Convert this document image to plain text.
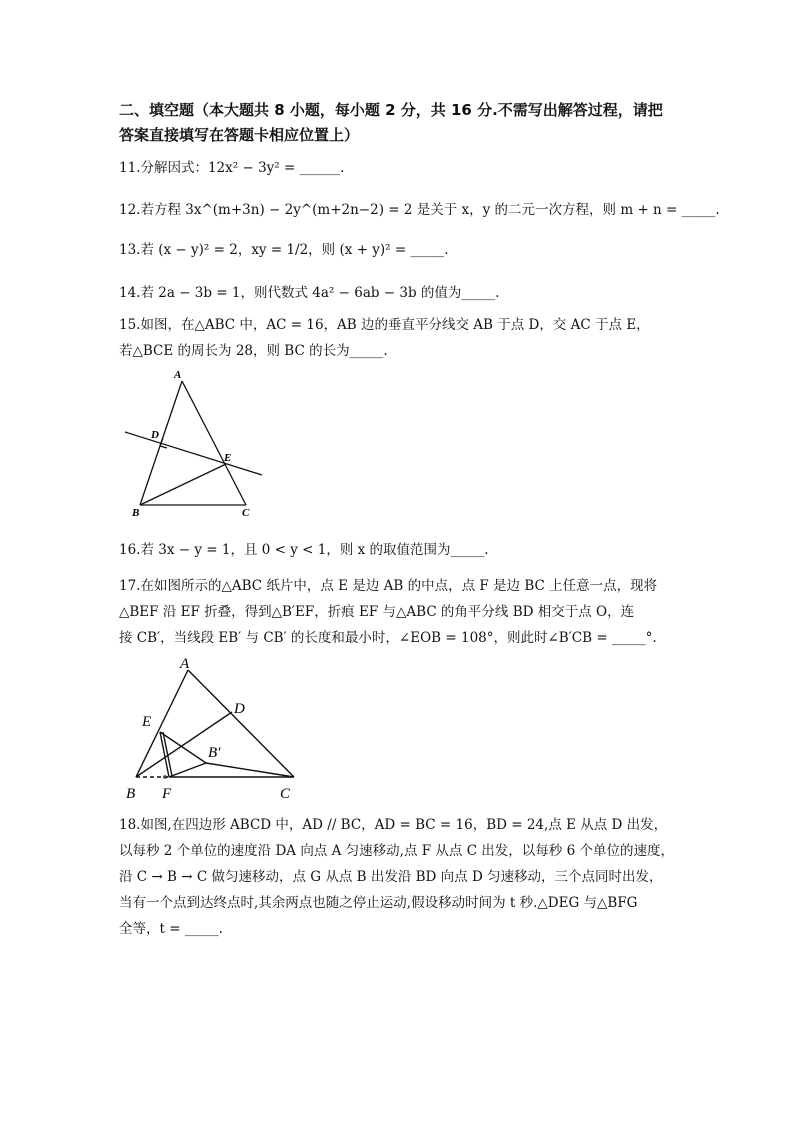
二、填空题（本大题共 8 小题，每小题 2 分，共 16 分.不需写出解答过程，请把
答案直接填写在答题卡相应位置上）
11.分解因式：12x² − 3y² = ______.
12.若方程 3x^(m+3n) − 2y^(m+2n−2) = 2 是关于 x，y 的二元一次方程，则 m + n = _____.
13.若 (x − y)² = 2，xy = 1/2，则 (x + y)² = _____.
14.若 2a − 3b = 1，则代数式 4a² − 6ab − 3b 的值为_____.
15.如图，在△ABC 中，AC = 16，AB 边的垂直平分线交 AB 于点 D，交 AC 于点 E，
若△BCE 的周长为 28，则 BC 的长为_____.
A
D
E
B	C
16.若 3x − y = 1，且 0 < y < 1，则 x 的取值范围为_____.
17.在如图所示的△ABC 纸片中，点 E 是边 AB 的中点，点 F 是边 BC 上任意一点，现将
△BEF 沿 EF 折叠，得到△B′EF，折痕 EF 与△ABC 的角平分线 BD 相交于点 O，连
接 CB′，当线段 EB′ 与 CB′ 的长度和最小时，∠EOB = 108°，则此时∠B′CB = _____°.
A
D
E
B′
o
B F	C
18.如图,在四边形 ABCD 中，AD // BC，AD = BC = 16，BD = 24,点 E 从点 D 出发，
以每秒 2 个单位的速度沿 DA 向点 A 匀速移动,点 F 从点 C 出发，以每秒 6 个单位的速度，
沿 C → B → C 做匀速移动，点 G 从点 B 出发沿 BD 向点 D 匀速移动，三个点同时出发，
当有一个点到达终点时,其余两点也随之停止运动,假设移动时间为 t 秒.△DEG 与△BFG
全等，t = _____.
